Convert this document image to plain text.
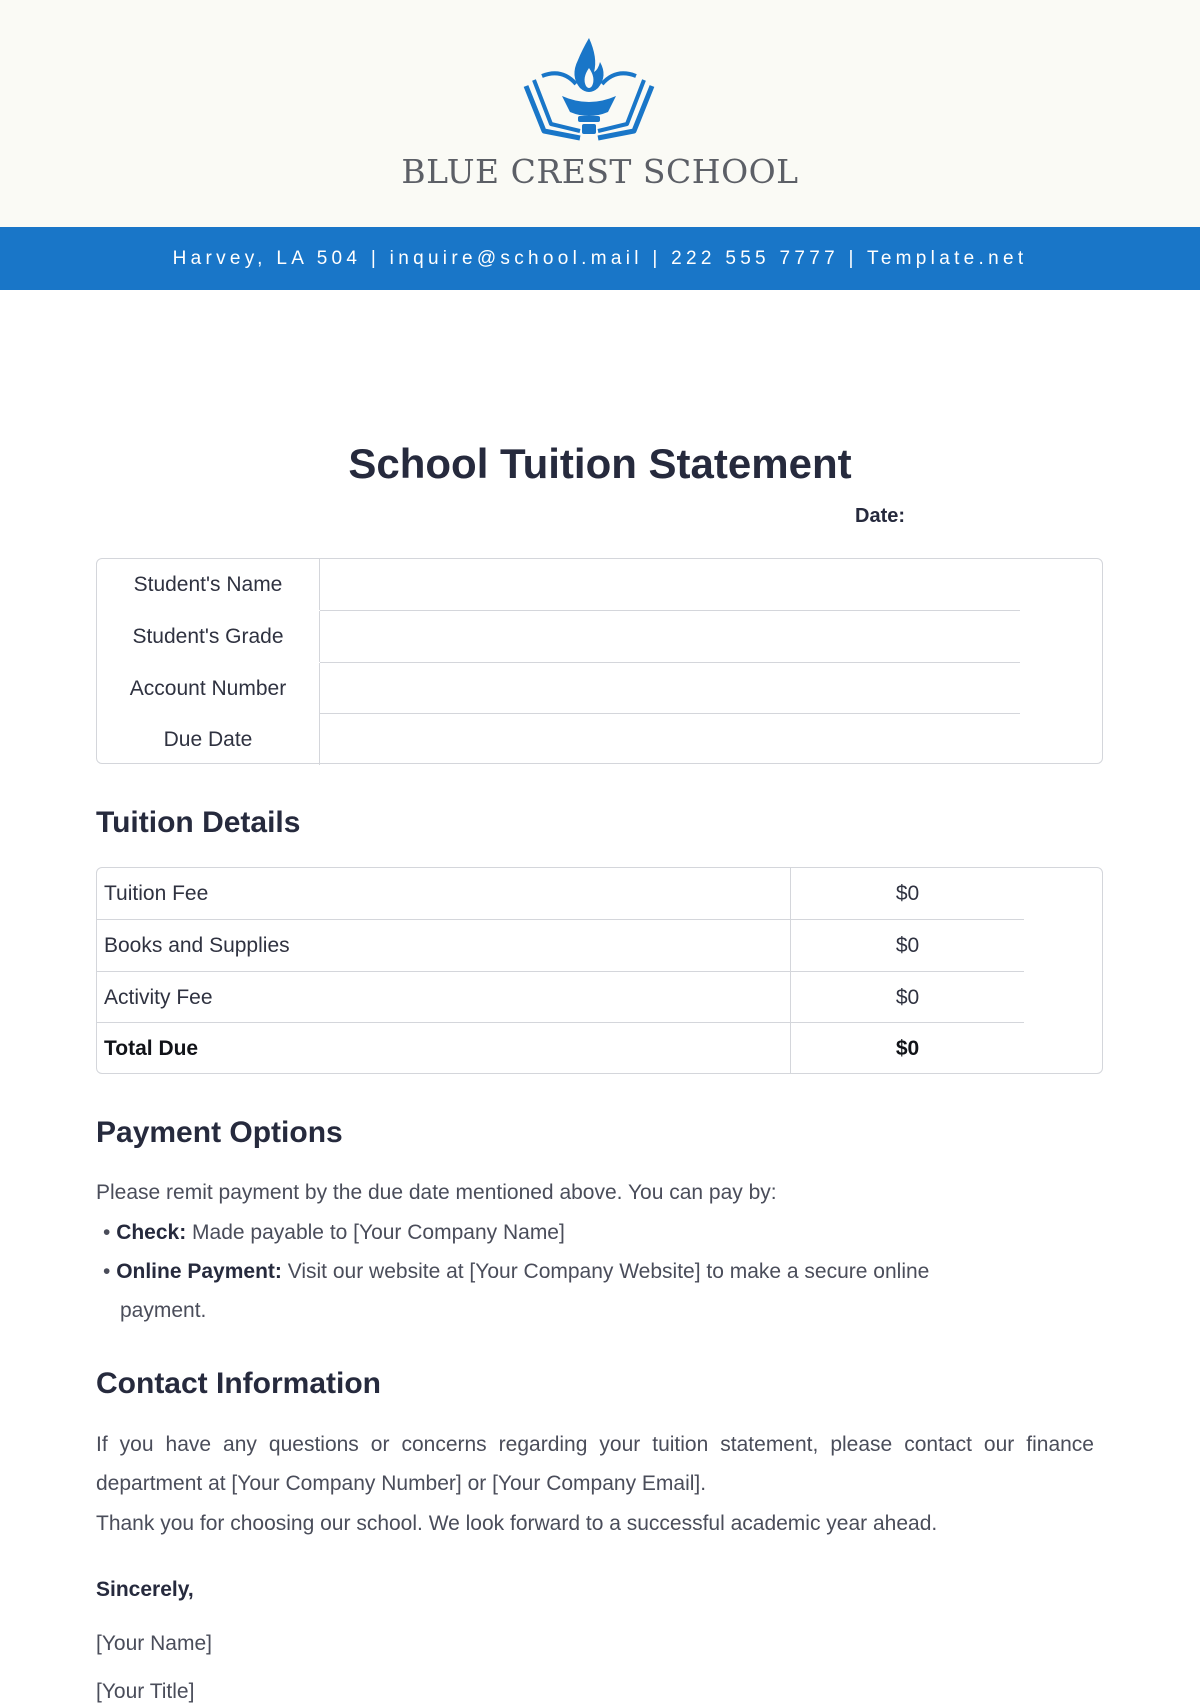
BLUE CREST SCHOOL
Harvey, LA 504 | inquire@school.mail | 222 555 7777 | Template.net
School Tuition Statement
Date:
Student's Name
Student's Grade
Account Number
Due Date
Tuition Details
Tuition Fee	$0
Books and Supplies	$0
Activity Fee	$0
Total Due	$0
Payment Options
Please remit payment by the due date mentioned above. You can pay by:
• Check: Made payable to [Your Company Name]
• Online Payment: Visit our website at [Your Company Website] to make a secure online
payment.
Contact Information
If you have any questions or concerns regarding your tuition statement, please contact our finance department at [Your Company Number] or [Your Company Email].
Thank you for choosing our school. We look forward to a successful academic year ahead.
Sincerely,
[Your Name]
[Your Title]
